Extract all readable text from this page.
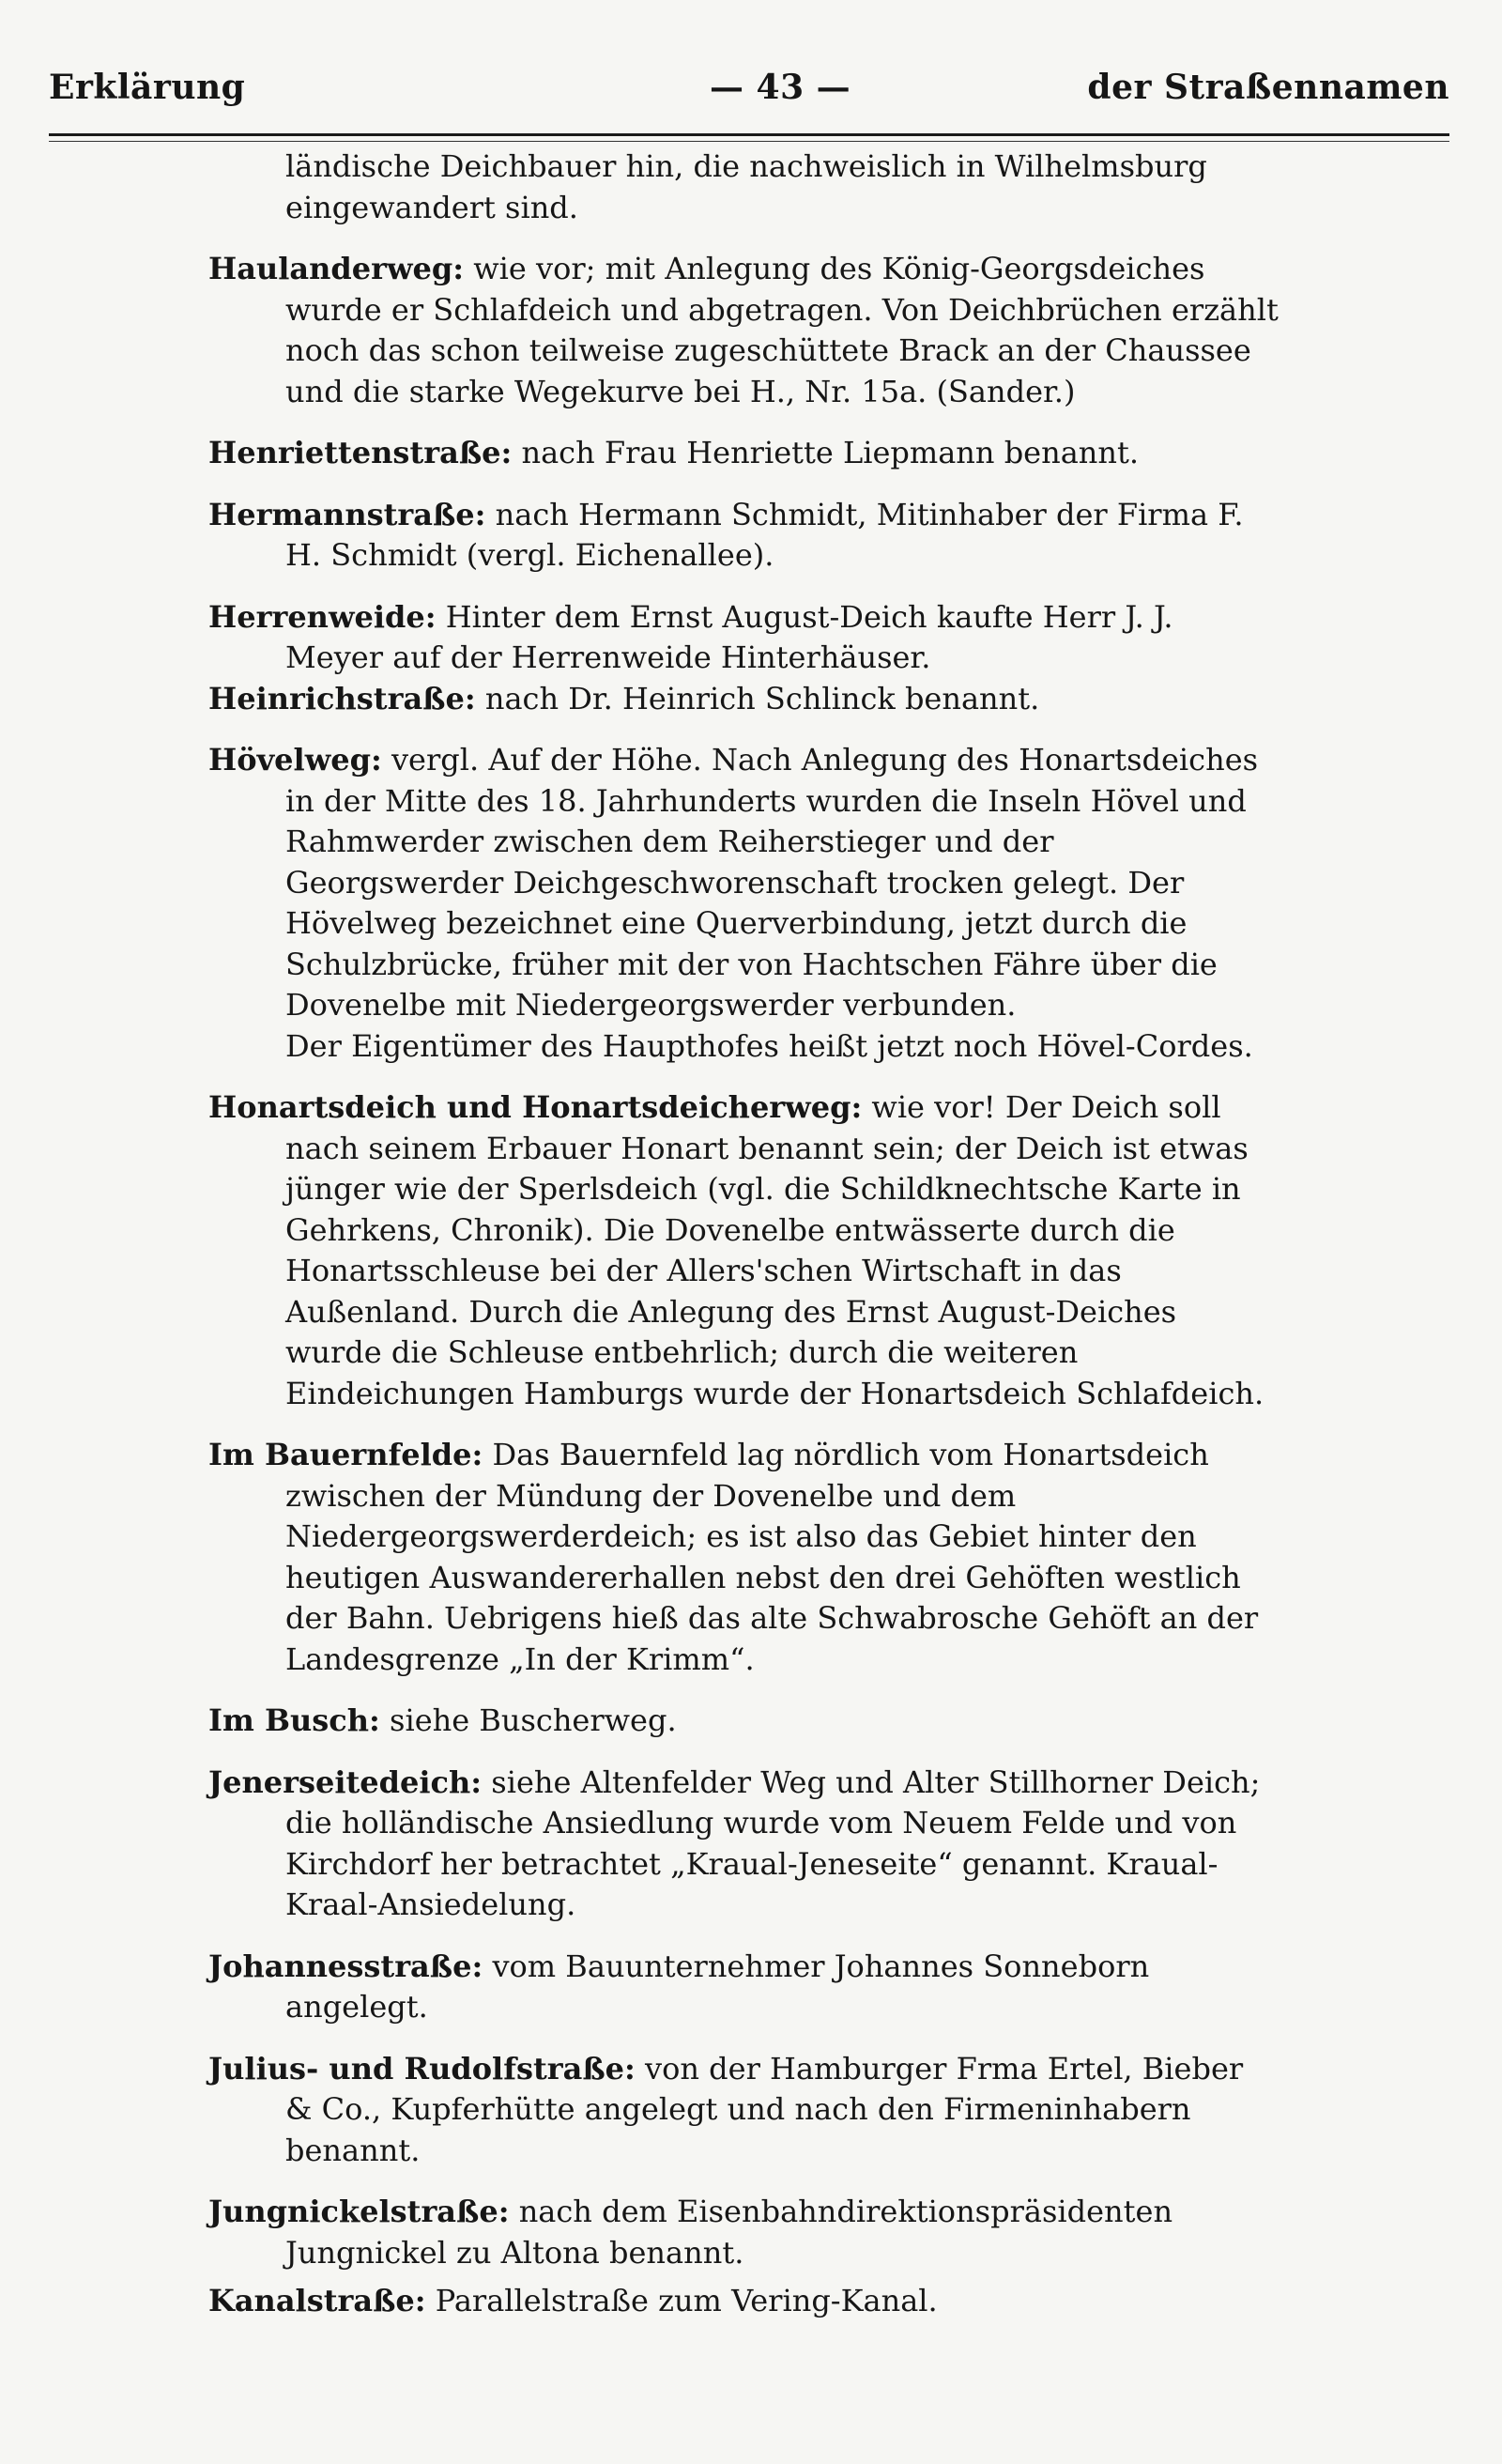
Erklärung	— 43 —	der Straßennamen
ländische Deichbauer hin, die nachweislich in Wilhelmsburg eingewandert sind.
Haulanderweg: wie vor; mit Anlegung des König-Georgsdeiches wurde er Schlafdeich und abgetragen. Von Deichbrüchen erzählt noch das schon teilweise zugeschüttete Brack an der Chaussee und die starke Wegekurve bei H., Nr. 15a. (Sander.)
Henriettenstraße: nach Frau Henriette Liepmann benannt.
Hermannstraße: nach Hermann Schmidt, Mitinhaber der Firma F. H. Schmidt (vergl. Eichenallee).
Herrenweide: Hinter dem Ernst August-Deich kaufte Herr J. J. Meyer auf der Herrenweide Hinterhäuser.
Heinrichstraße: nach Dr. Heinrich Schlinck benannt.
Hövelweg: vergl. Auf der Höhe. Nach Anlegung des Honartsdeiches in der Mitte des 18. Jahrhunderts wurden die Inseln Hövel und Rahmwerder zwischen dem Reiherstieger und der Georgswerder Deichgeschworenschaft trocken gelegt. Der Hövelweg bezeichnet eine Querverbindung, jetzt durch die Schulzbrücke, früher mit der von Hachtschen Fähre über die Dovenelbe mit Niedergeorgswerder verbunden.
Der Eigentümer des Haupthofes heißt jetzt noch Hövel-Cordes.
Honartsdeich und Honartsdeicherweg: wie vor! Der Deich soll nach seinem Erbauer Honart benannt sein; der Deich ist etwas jünger wie der Sperlsdeich (vgl. die Schildknechtsche Karte in Gehrkens, Chronik). Die Dovenelbe entwässerte durch die Honartsschleuse bei der Allers'schen Wirtschaft in das Außenland. Durch die Anlegung des Ernst August-Deiches wurde die Schleuse entbehrlich; durch die weiteren Eindeichungen Hamburgs wurde der Honartsdeich Schlafdeich.
Im Bauernfelde: Das Bauernfeld lag nördlich vom Honartsdeich zwischen der Mündung der Dovenelbe und dem Niedergeorgswerderdeich; es ist also das Gebiet hinter den heutigen Auswandererhallen nebst den drei Gehöften westlich der Bahn. Uebrigens hieß das alte Schwabrosche Gehöft an der Landesgrenze „In der Krimm“.
Im Busch: siehe Buscherweg.
Jenerseitedeich: siehe Altenfelder Weg und Alter Stillhorner Deich; die holländische Ansiedlung wurde vom Neuem Felde und von Kirchdorf her betrachtet „Kraual-Jeneseite“ genannt. Kraual-Kraal-Ansiedelung.
Johannesstraße: vom Bauunternehmer Johannes Sonneborn angelegt.
Julius- und Rudolfstraße: von der Hamburger Frma Ertel, Bieber & Co., Kupferhütte angelegt und nach den Firmeninhabern benannt.
Jungnickelstraße: nach dem Eisenbahndirektionspräsidenten Jungnickel zu Altona benannt.
Kanalstraße: Parallelstraße zum Vering-Kanal.
